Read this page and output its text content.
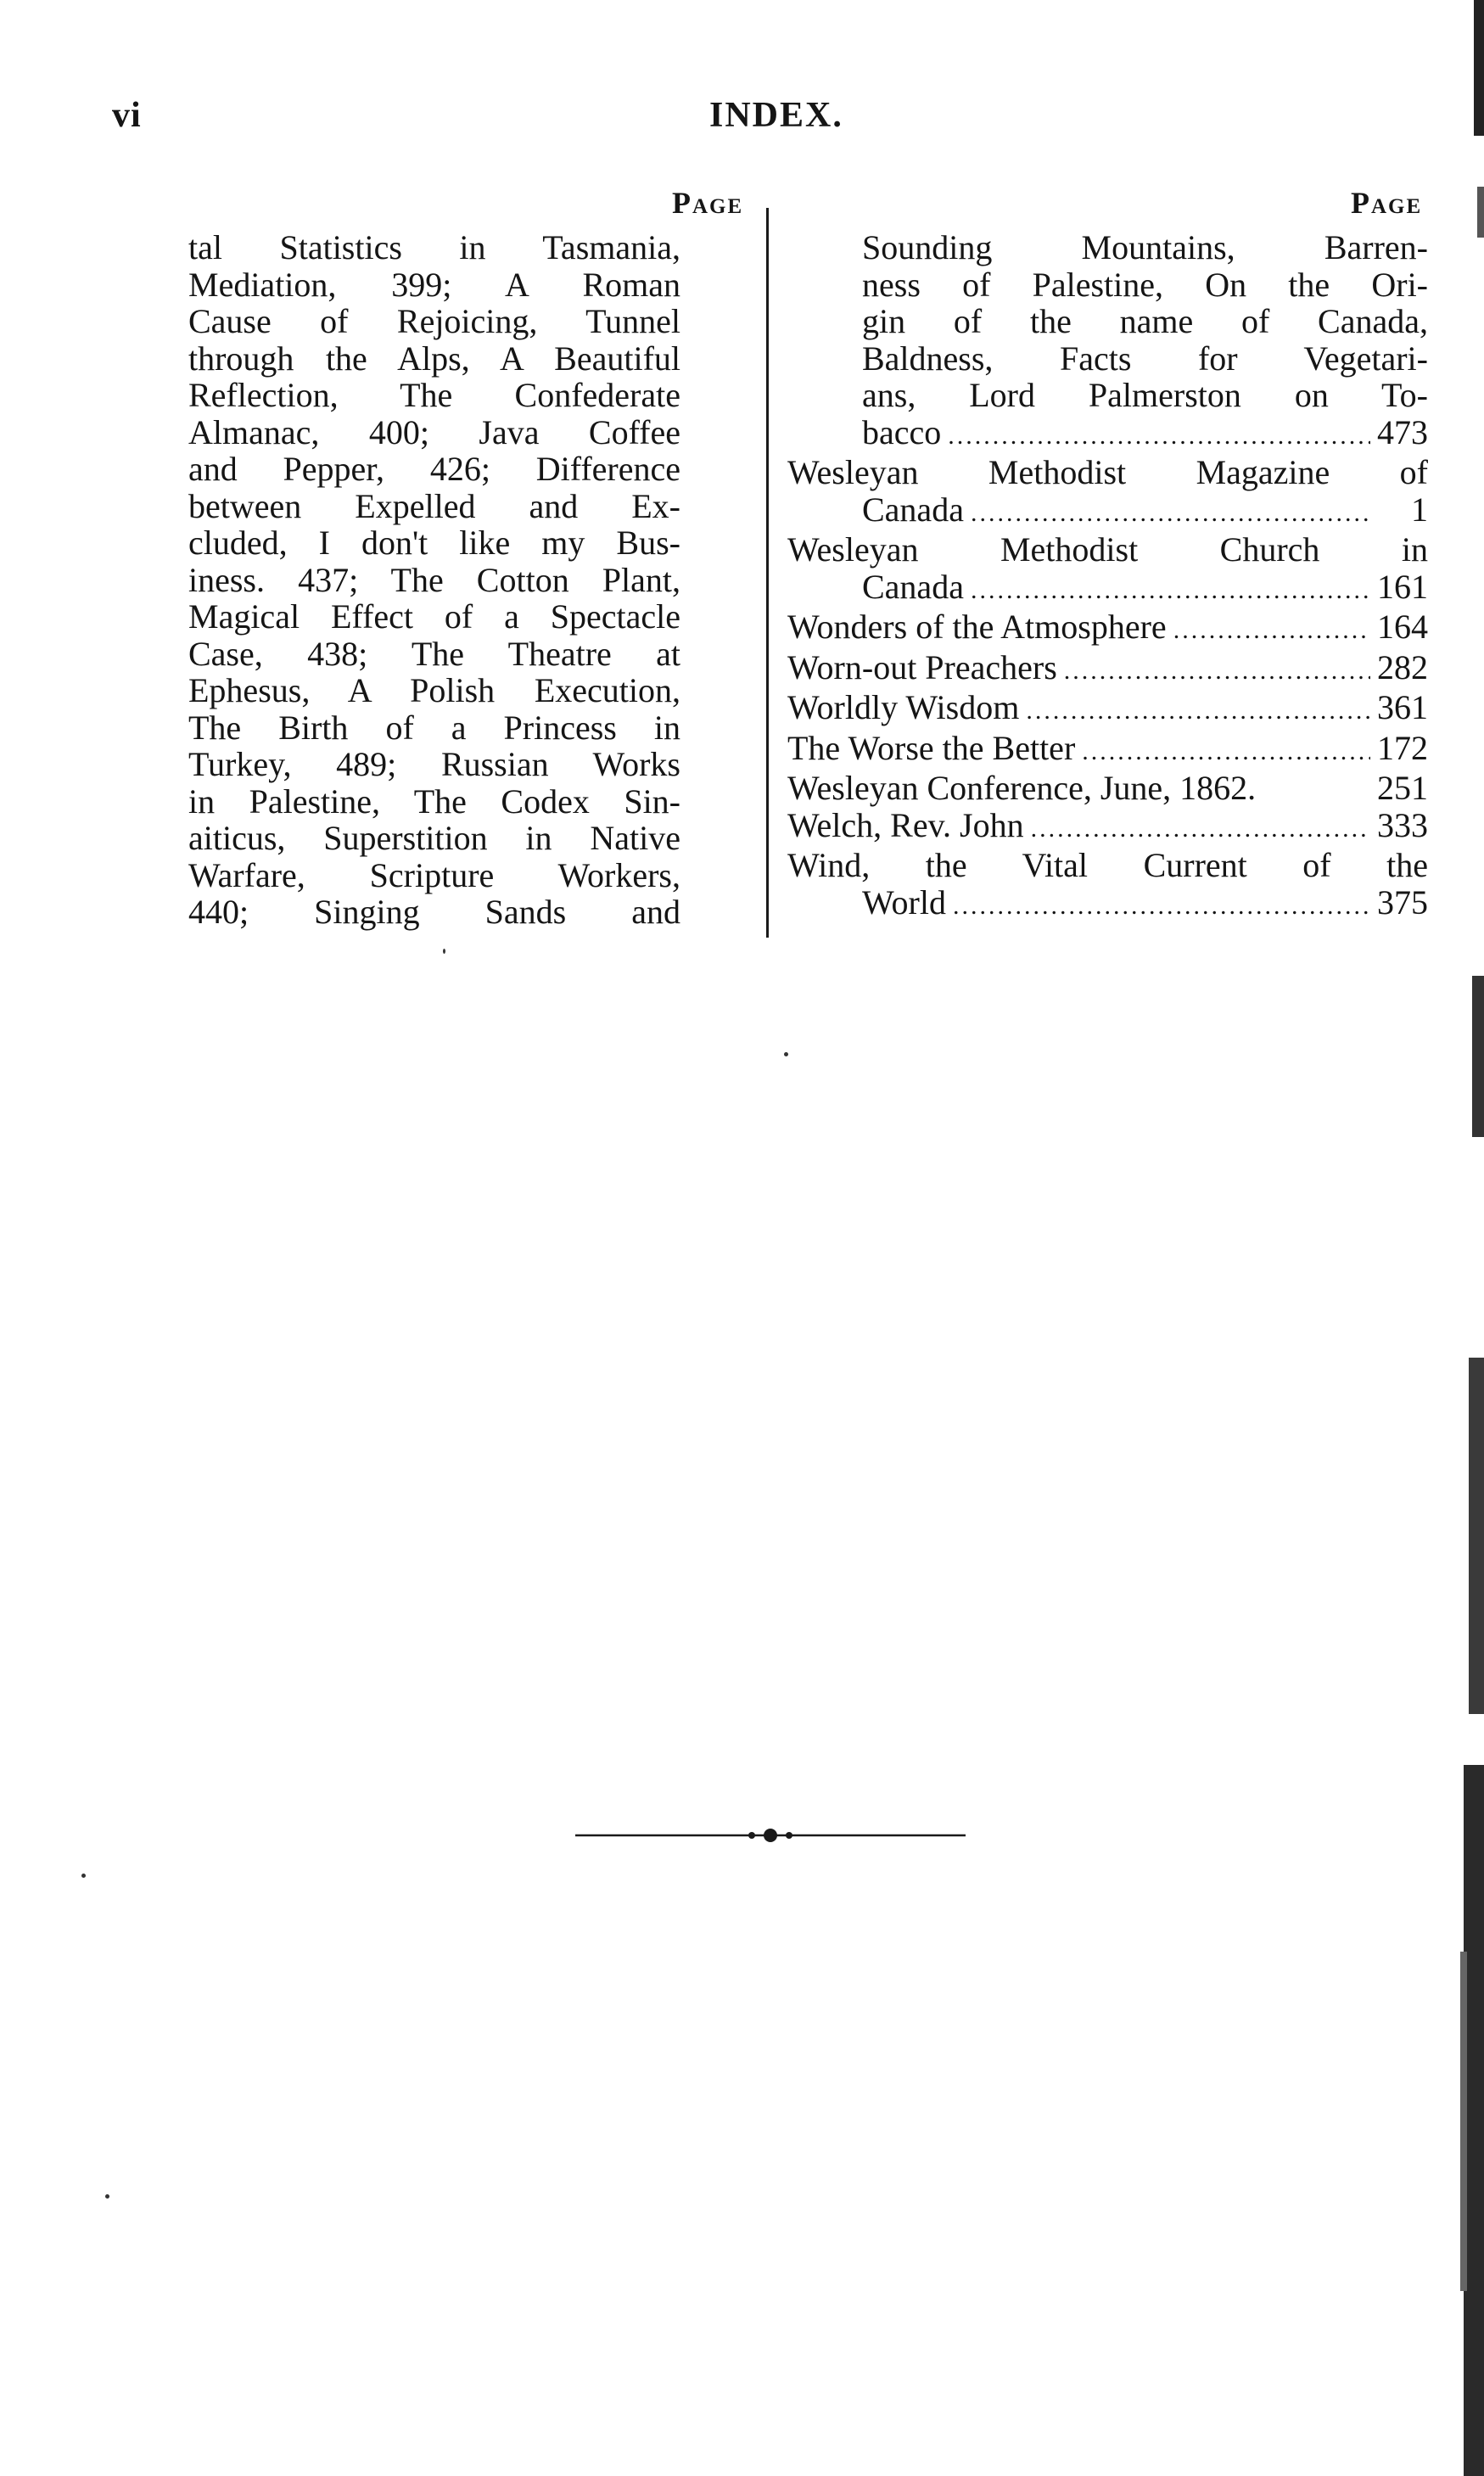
vi	INDEX.
Page	Page
tal Statistics in Tasmania,
Mediation, 399; A Roman
Cause of Rejoicing, Tunnel
through the Alps, A Beautiful
Reflection, The Confederate
Almanac, 400; Java Coffee
and Pepper, 426; Difference
between Expelled and Ex-
cluded, I don't like my Bus-
iness. 437; The Cotton Plant,
Magical Effect of a Spectacle
Case, 438; The Theatre at
Ephesus, A Polish Execution,
The Birth of a Princess in
Turkey, 489; Russian Works
in Palestine, The Codex Sin-
aiticus, Superstition in Native
Warfare, Scripture Workers,
440; Singing Sands and
Sounding Mountains, Barren-
ness of Palestine, On the Ori-
gin of the name of Canada,
Baldness, Facts for Vegetari-
ans, Lord Palmerston on To-
bacco .....	473
Wesleyan Methodist Magazine of
Canada .....	1
Wesleyan Methodist Church in
Canada .....	161
Wonders of the Atmosphere .....	164
Worn-out Preachers .....	282
Worldly Wisdom .....	361
The Worse the Better .....	172
Wesleyan Conference, June, 1862.	251
Welch, Rev. John .....	333
Wind, the Vital Current of the
World .....	375
